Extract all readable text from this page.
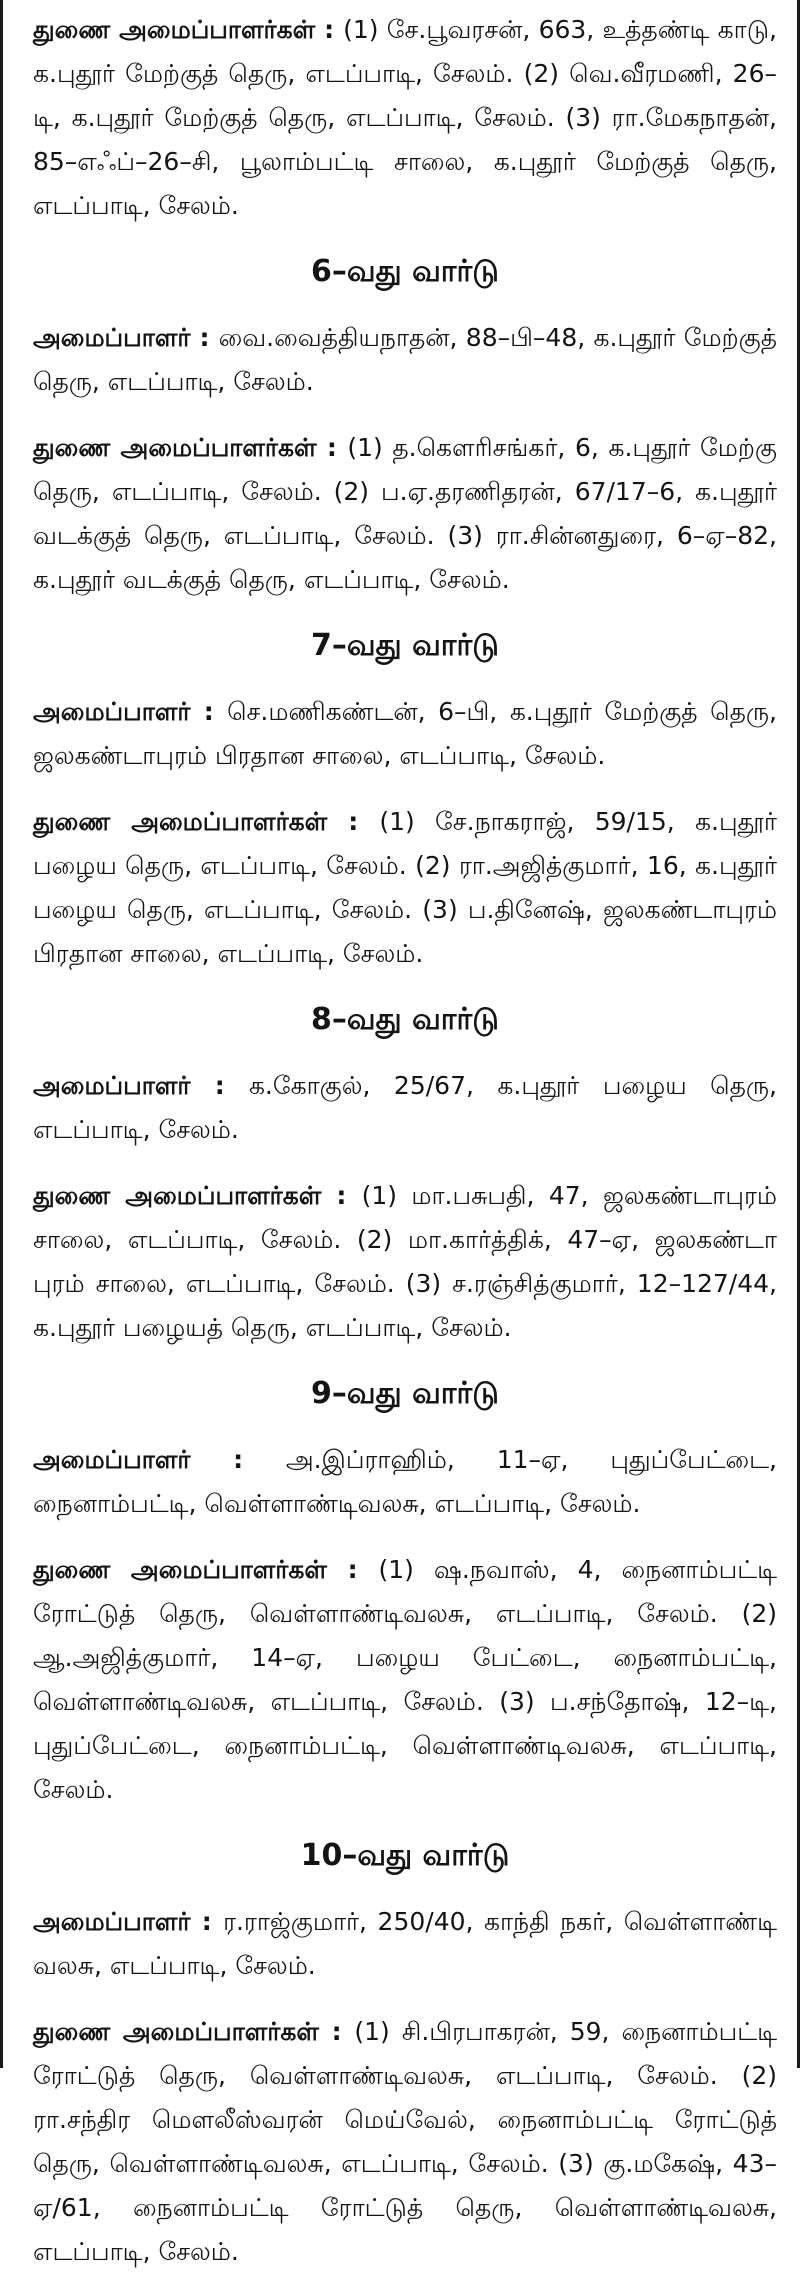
துணை அமைப்பாளர்கள் : (1) சே.பூவரசன், 663, உத்தண்டி காடு, க.புதூர் மேற்குத் தெரு, எடப்பாடி, சேலம். (2) வெ.வீரமணி, 26–டி, க.புதூர் மேற்குத் தெரு, எடப்பாடி, சேலம். (3) ரா.மேகநாதன், 85–எஃப்–26–சி, பூலாம்பட்டி சாலை, க.புதூர் மேற்குத் தெரு, எடப்பாடி, சேலம்.

6–வது வார்டு

அமைப்பாளர் : வை.வைத்தியநாதன், 88–பி–48, க.புதூர் மேற்குத் தெரு, எடப்பாடி, சேலம்.

துணை அமைப்பாளர்கள் : (1) த.கௌரிசங்கர், 6, க.புதூர் மேற்கு தெரு, எடப்பாடி, சேலம். (2) ப.ஏ.தரணிதரன், 67/17–6, க.புதூர் வடக்குத் தெரு, எடப்பாடி, சேலம். (3) ரா.சின்னதுரை, 6–ஏ–82, க.புதூர் வடக்குத் தெரு, எடப்பாடி, சேலம்.

7–வது வார்டு

அமைப்பாளர் : செ.மணிகண்டன், 6–பி, க.புதூர் மேற்குத் தெரு, ஜலகண்டாபுரம் பிரதான சாலை, எடப்பாடி, சேலம்.

துணை அமைப்பாளர்கள் : (1) சே.நாகராஜ், 59/15, க.புதூர் பழைய தெரு, எடப்பாடி, சேலம். (2) ரா.அஜித்குமார், 16, க.புதூர் பழைய தெரு, எடப்பாடி, சேலம். (3) ப.தினேஷ், ஜலகண்டாபுரம் பிரதான சாலை, எடப்பாடி, சேலம்.

8–வது வார்டு

அமைப்பாளர் : க.கோகுல், 25/67, க.புதூர் பழைய தெரு, எடப்பாடி, சேலம்.

துணை அமைப்பாளர்கள் : (1) மா.பசுபதி, 47, ஜலகண்டாபுரம் சாலை, எடப்பாடி, சேலம். (2) மா.கார்த்திக், 47–ஏ, ஜலகண்டா புரம் சாலை, எடப்பாடி, சேலம். (3) ச.ரஞ்சித்குமார், 12–127/44, க.புதூர் பழையத் தெரு, எடப்பாடி, சேலம்.

9–வது வார்டு

அமைப்பாளர் : அ.இப்ராஹிம், 11–ஏ, புதுப்பேட்டை, நைனாம்பட்டி, வெள்ளாண்டிவலசு, எடப்பாடி, சேலம்.

துணை அமைப்பாளர்கள் : (1) ஷ.நவாஸ், 4, நைனாம்பட்டி ரோட்டுத் தெரு, வெள்ளாண்டிவலசு, எடப்பாடி, சேலம். (2) ஆ.அஜித்குமார், 14–ஏ, பழைய பேட்டை, நைனாம்பட்டி, வெள்ளாண்டிவலசு, எடப்பாடி, சேலம். (3) ப.சந்தோஷ், 12–டி, புதுப்பேட்டை, நைனாம்பட்டி, வெள்ளாண்டிவலசு, எடப்பாடி, சேலம்.

10–வது வார்டு

அமைப்பாளர் : ர.ராஜ்குமார், 250/40, காந்தி நகர், வெள்ளாண்டி வலசு, எடப்பாடி, சேலம்.

துணை அமைப்பாளர்கள் : (1) சி.பிரபாகரன், 59, நைனாம்பட்டி ரோட்டுத் தெரு, வெள்ளாண்டிவலசு, எடப்பாடி, சேலம். (2) ரா.சந்திர மௌலீஸ்வரன் மெய்வேல், நைனாம்பட்டி ரோட்டுத் தெரு, வெள்ளாண்டிவலசு, எடப்பாடி, சேலம். (3) கு.மகேஷ், 43–ஏ/61, நைனாம்பட்டி ரோட்டுத் தெரு, வெள்ளாண்டிவலசு, எடப்பாடி, சேலம்.
